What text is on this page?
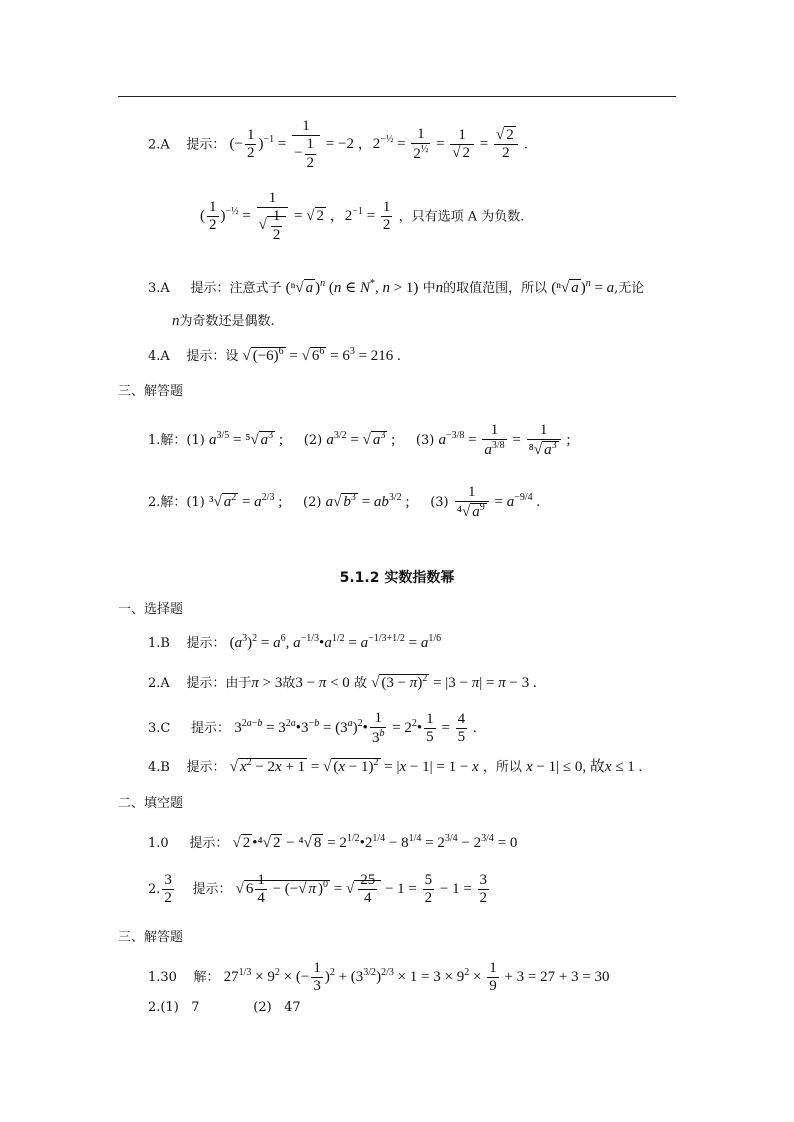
2.A 提示： (− $\frac{1}{2} )^{-1} = \frac{1}{- \frac{1}{2}} = -2$ ，$2^{-\frac{1}{2}} = \frac{1}{2^{\frac{1}{2}}} = \frac{1}{√ 2} = \frac{√ 2}{2}$ .
( $\frac{1}{2} )^{-\frac{1}{2}} = \frac{1}{√ \frac{1}{2}}$ = √ 2 ，$2^{-1} = \frac{1}{2}$ ，只有选项 A 为负数.
3.A 提示：注意式子 (ⁿ√ a )$^n$ (n ∈ N*, n > 1) 中n的取值范围，所以 (ⁿ√ a )$^n$ = a,无论
n为奇数还是偶数.
4.A 提示：设 √ $(-6)^6$ = √ $6^6 = 6^3 = 216$ .
三、解答题
1.解：(1) $a^{3/5} = ^5√$ $a^3$ ; (2) $a^{3/2}$ = √ $a^3$ ; (3) $a^{-3/8} = \frac{1}{a^{3/8}} = \frac{1}{^8√ a^3}$ ;
2.解：(1) ³√ $a^2 = a^{2/3}$ ; (2) a√ $b^3 = ab^{3/2}$ ; $(3) \frac{1}{^4√ a^9} = a^{-9/4}$ .
5.1.2 实数指数幂
一、选择题
1.B 提示： $(a^3)^2 = a^6$, $a^{-1/3}•a^{1/2} = a^{-1/3+1/2} = a^{1/6}$
2.A 提示：由于π > 3故3 − π < 0 故 √ $(3 - \pi)^2 = |3 - \pi| = \pi - 3$ .
3.C 提示： $3^{2a-b}$ = $3^{2a}•3^{-b}$ = $(3^a)^2• \frac{1}{3^b}$ = $2^2• \frac{1}{5} = \frac{4}{5}$ .
4.B 提示： √ $x^2 - 2x + 1$ = √ $(x - 1)^2 = |x - 1| = 1 - x$ ，所以 x − 1| ≤ 0, 故x ≤ 1 .
二、填空题
1.0 提示： √ 2 •⁴√ 2 − ⁴√ $8 = 2^{1/2}•2^{1/4} - 8^{1/4} = 2^{3/4} - 2^{3/4} = 0$
2. $\frac{3}{2}$ 提示： √ $6 \frac{1}{4}$ − (−√ π )$^0$ = √ $\frac{25}{4} - 1 = \frac{5}{2} - 1 = \frac{3}{2}$
三、解答题
1.30 解： $27^{1/3} \times 9^2$ × (− $\frac{1}{3} )^2 + (3^{3/2})^{2/3} \times 1 = 3 \times 9^2 \times \frac{1}{9} + 3 = 27 + 3 = 30$
2.(1) 7	(2) 47
